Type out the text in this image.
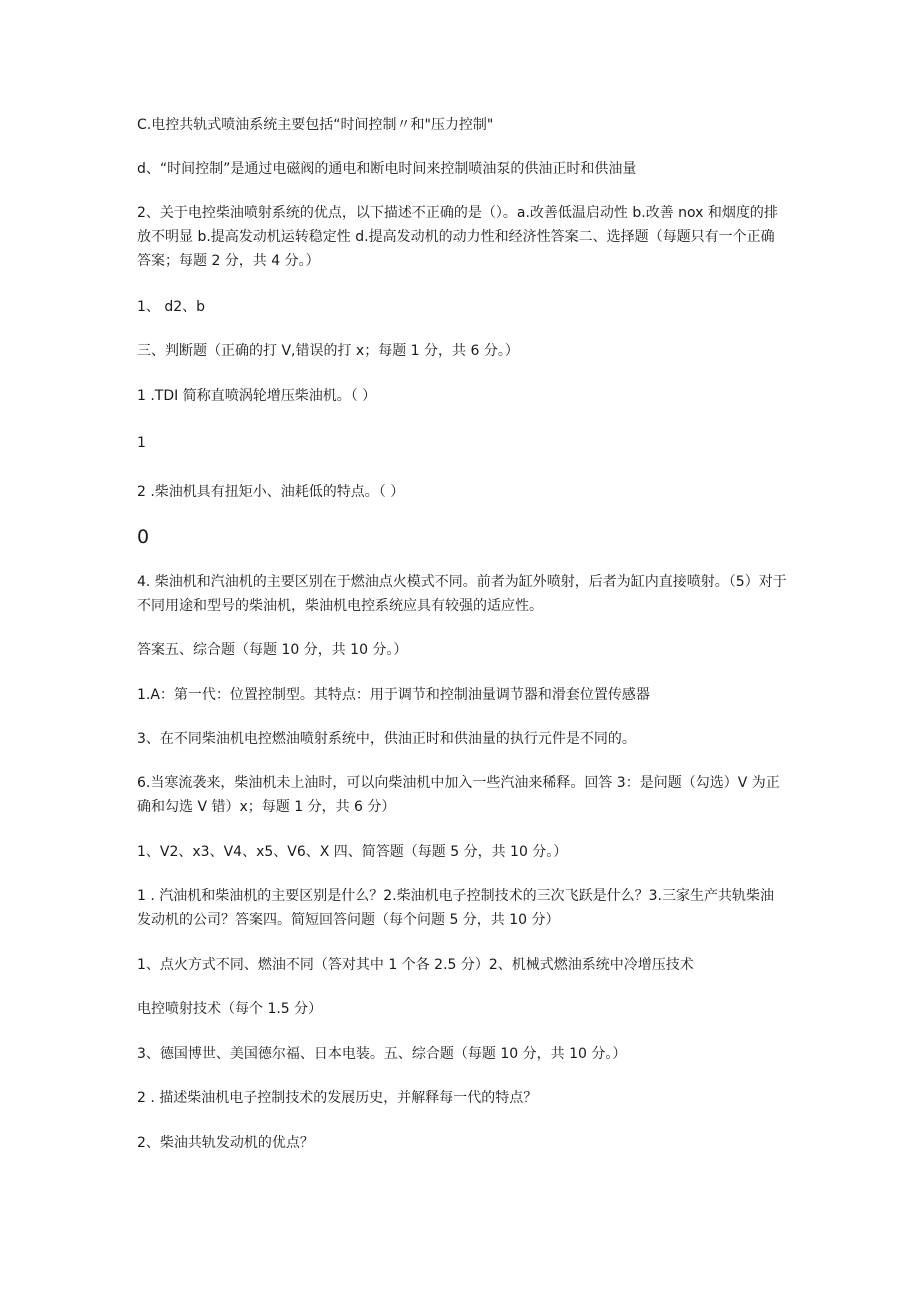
C.电控共轨式喷油系统主要包括“时间控制〃和"压力控制"

d、“时间控制”是通过电磁阀的通电和断电时间来控制喷油泵的供油正时和供油量

2、关于电控柴油喷射系统的优点，以下描述不正确的是（）。a.改善低温启动性 b.改善 nox 和烟度的排放不明显 b.提高发动机运转稳定性 d.提高发动机的动力性和经济性答案二、选择题（每题只有一个正确答案；每题 2 分，共 4 分。）

1、 d2、b

三、判断题（正确的打 V,错误的打 x；每题 1 分，共 6 分。）

1 .TDI 简称直喷涡轮增压柴油机。（ ）

1

2 .柴油机具有扭矩小、油耗低的特点。（ ）

0

4. 柴油机和汽油机的主要区别在于燃油点火模式不同。前者为缸外喷射，后者为缸内直接喷射。（5）对于不同用途和型号的柴油机，柴油机电控系统应具有较强的适应性。

答案五、综合题（每题 10 分，共 10 分。）

1.A：第一代：位置控制型。其特点：用于调节和控制油量调节器和滑套位置传感器

3、在不同柴油机电控燃油喷射系统中，供油正时和供油量的执行元件是不同的。

6.当寒流袭来，柴油机未上油时，可以向柴油机中加入一些汽油来稀释。回答 3：是问题（勾选）V 为正确和勾选 V 错）x；每题 1 分，共 6 分）

1、V2、x3、V4、x5、V6、X 四、简答题（每题 5 分，共 10 分。）

1 . 汽油机和柴油机的主要区别是什么？2.柴油机电子控制技术的三次飞跃是什么？3.三家生产共轨柴油发动机的公司？答案四。简短回答问题（每个问题 5 分，共 10 分）

1、点火方式不同、燃油不同（答对其中 1 个各 2.5 分）2、机械式燃油系统中冷增压技术

电控喷射技术（每个 1.5 分）

3、德国博世、美国德尔福、日本电装。五、综合题（每题 10 分，共 10 分。）

2 . 描述柴油机电子控制技术的发展历史，并解释每一代的特点？

2、柴油共轨发动机的优点？
